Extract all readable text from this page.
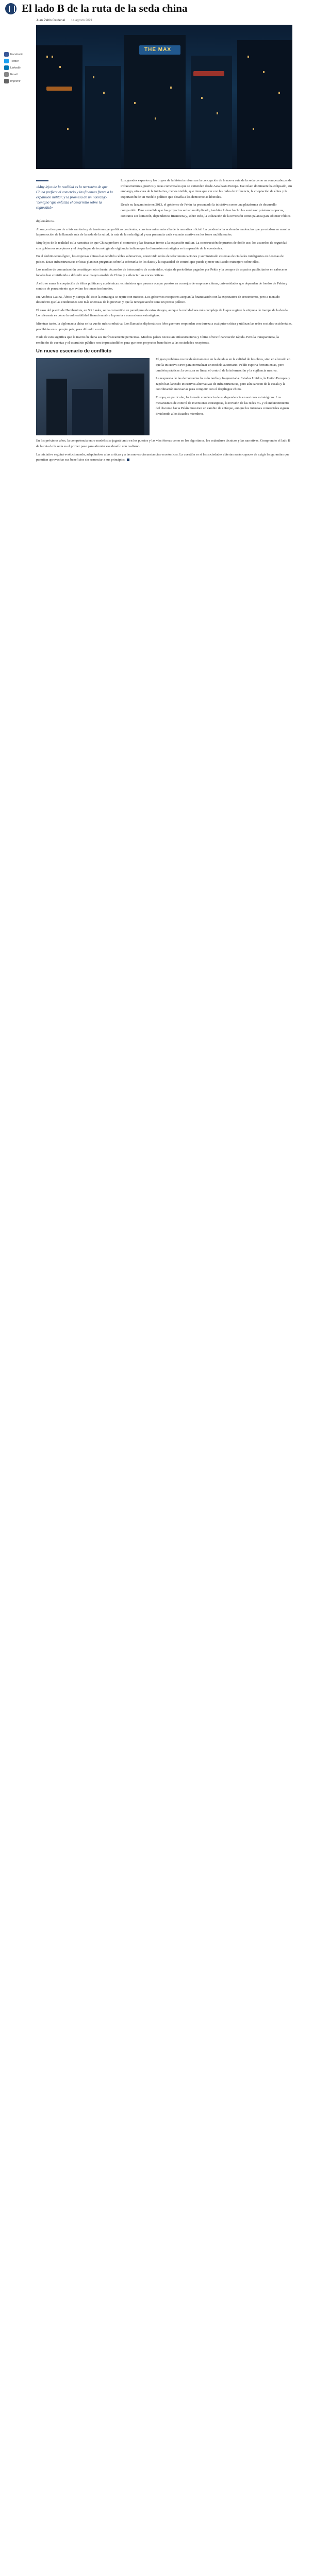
El lado B de la ruta de la seda china
Juan Pablo Cardenal 14 agosto 2021
Facebook
Twitter
LinkedIn
Email
Imprimir
THE MAX
«Muy lejos de la realidad es la narrativa de que China prefiere el comercio y las finanzas frente a la expansión militar, y la promesa de un liderazgo ‘benigno’ que enfatiza el desarrollo sobre la seguridad»

Los grandes expertos y los tropos de la historia refuerzan la concepción de la nueva ruta de la seda como un rompecabezas de infraestructuras, puertos y rutas comerciales que se extienden desde Asia hasta Europa. Ese relato dominante ha eclipsado, sin embargo, otra cara de la iniciativa, menos visible, que tiene que ver con las redes de influencia, la cooptación de élites y la exportación de un modelo político que desafía a las democracias liberales.

Desde su lanzamiento en 2013, el gobierno de Pekín ha presentado la iniciativa como una plataforma de desarrollo compartido. Pero a medida que los proyectos se han multiplicado, también lo han hecho las sombras: préstamos opacos, contratos sin licitación, dependencia financiera y, sobre todo, la utilización de la inversión como palanca para obtener réditos diplomáticos.

Ahora, en tiempos de crisis sanitaria y de tensiones geopolíticas crecientes, conviene mirar más allá de la narrativa oficial. La pandemia ha acelerado tendencias que ya estaban en marcha: la promoción de la llamada ruta de la seda de la salud, la ruta de la seda digital y una presencia cada vez más asertiva en los foros multilaterales.

Muy lejos de la realidad es la narrativa de que China prefiere el comercio y las finanzas frente a la expansión militar. La construcción de puertos de doble uso, los acuerdos de seguridad con gobiernos receptores y el despliegue de tecnología de vigilancia indican que la dimensión estratégica es inseparable de la económica.

En el ámbito tecnológico, las empresas chinas han tendido cables submarinos, construido redes de telecomunicaciones y suministrado sistemas de ciudades inteligentes en decenas de países. Estas infraestructuras críticas plantean preguntas sobre la soberanía de los datos y la capacidad de control que puede ejercer un Estado extranjero sobre ellas.

Los medios de comunicación constituyen otro frente. Acuerdos de intercambio de contenidos, viajes de periodistas pagados por Pekín y la compra de espacios publicitarios en cabeceras locales han contribuido a difundir una imagen amable de China y a silenciar las voces críticas.

A ello se suma la cooptación de élites políticas y académicas: exministros que pasan a ocupar puestos en consejos de empresas chinas, universidades que dependen de fondos de Pekín y centros de pensamiento que evitan los temas incómodos.

En América Latina, África y Europa del Este la estrategia se repite con matices. Los gobiernos receptores aceptan la financiación con la expectativa de crecimiento, pero a menudo descubren que las condiciones son más onerosas de lo previsto y que la renegociación tiene un precio político.

El caso del puerto de Hambantota, en Sri Lanka, se ha convertido en paradigma de estos riesgos, aunque la realidad sea más compleja de lo que sugiere la etiqueta de trampa de la deuda. Lo relevante es cómo la vulnerabilidad financiera abre la puerta a concesiones estratégicas.

Mientras tanto, la diplomacia china se ha vuelto más combativa. Los llamados diplomáticos lobo guerrero responden con dureza a cualquier crítica y utilizan las redes sociales occidentales, prohibidas en su propio país, para difundir su relato.

Nada de esto significa que la inversión china sea intrínsecamente perniciosa. Muchos países necesitan infraestructuras y China ofrece financiación rápida. Pero la transparencia, la rendición de cuentas y el escrutinio público son imprescindibles para que esos proyectos beneficien a las sociedades receptoras.

Un nuevo escenario de conflicto

El gran problema no reside únicamente en la deuda o en la calidad de las obras, sino en el modo en que la iniciativa sirve para normalizar un modelo autoritario. Pekín exporta herramientas, pero también prácticas: la censura en línea, el control de la información y la vigilancia masiva.

La respuesta de las democracias ha sido tardía y fragmentada. Estados Unidos, la Unión Europea y Japón han lanzado iniciativas alternativas de infraestructuras, pero aún carecen de la escala y la coordinación necesarias para competir con el despliegue chino.

Europa, en particular, ha tomado conciencia de su dependencia en sectores estratégicos. Los mecanismos de control de inversiones extranjeras, la revisión de las redes 5G y el endurecimiento del discurso hacia Pekín muestran un cambio de enfoque, aunque los intereses comerciales siguen dividiendo a los Estados miembros.

En los próximos años, la competencia entre modelos se jugará tanto en los puertos y las vías férreas como en los algoritmos, los estándares técnicos y las narrativas. Comprender el lado B de la ruta de la seda es el primer paso para afrontar ese desafío con realismo.

La iniciativa seguirá evolucionando, adaptándose a las críticas y a las nuevas circunstancias económicas. La cuestión es si las sociedades abiertas serán capaces de exigir las garantías que permitan aprovechar sus beneficios sin renunciar a sus principios.
